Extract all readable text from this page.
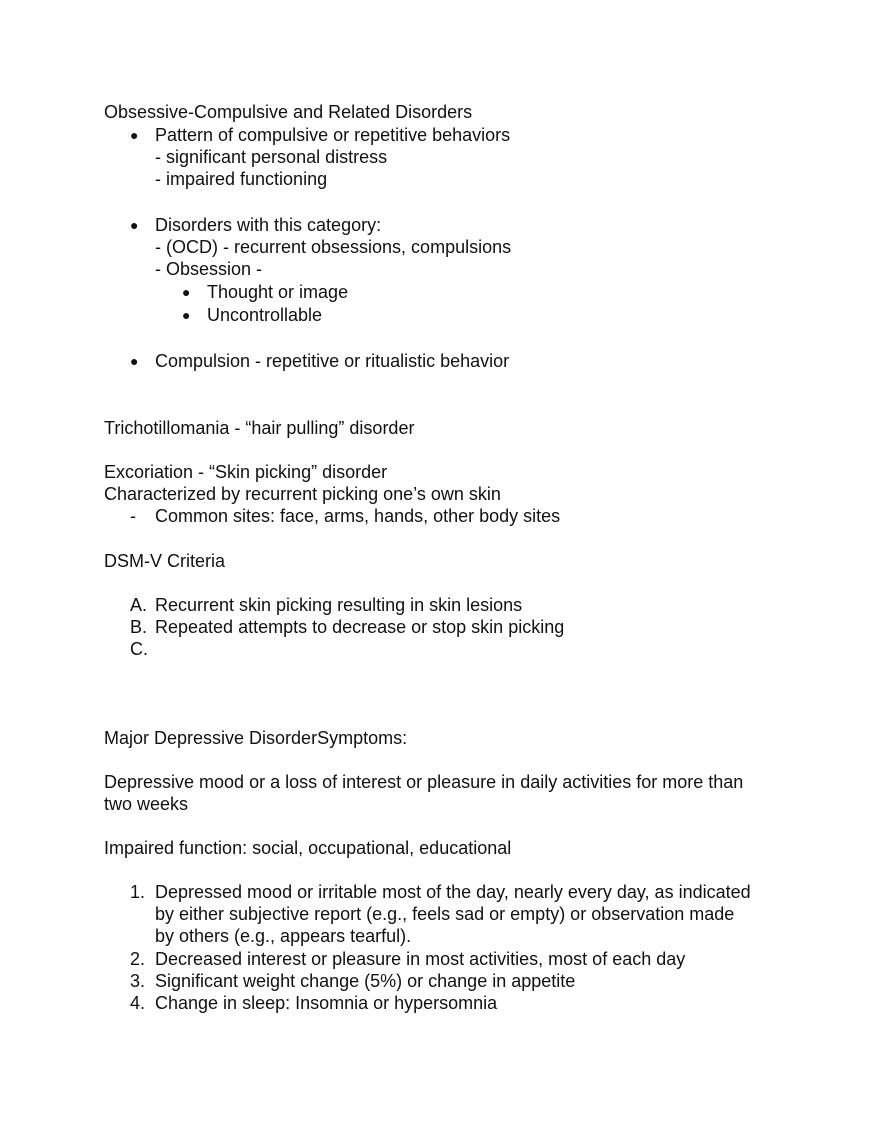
Obsessive-Compulsive and Related Disorders
● Pattern of compulsive or repetitive behaviors
- significant personal distress
- impaired functioning
● Disorders with this category:
- (OCD) - recurrent obsessions, compulsions
- Obsession -
● Thought or image
● Uncontrollable
● Compulsion - repetitive or ritualistic behavior
Trichotillomania - “hair pulling” disorder
Excoriation - “Skin picking” disorder
Characterized by recurrent picking one’s own skin
- Common sites: face, arms, hands, other body sites
DSM-V Criteria
A. Recurrent skin picking resulting in skin lesions
B. Repeated attempts to decrease or stop skin picking
C.
Major Depressive DisorderSymptoms:
Depressive mood or a loss of interest or pleasure in daily activities for more than two weeks
Impaired function: social, occupational, educational
1. Depressed mood or irritable most of the day, nearly every day, as indicated by either subjective report (e.g., feels sad or empty) or observation made by others (e.g., appears tearful).
2. Decreased interest or pleasure in most activities, most of each day
3. Significant weight change (5%) or change in appetite
4. Change in sleep: Insomnia or hypersomnia
